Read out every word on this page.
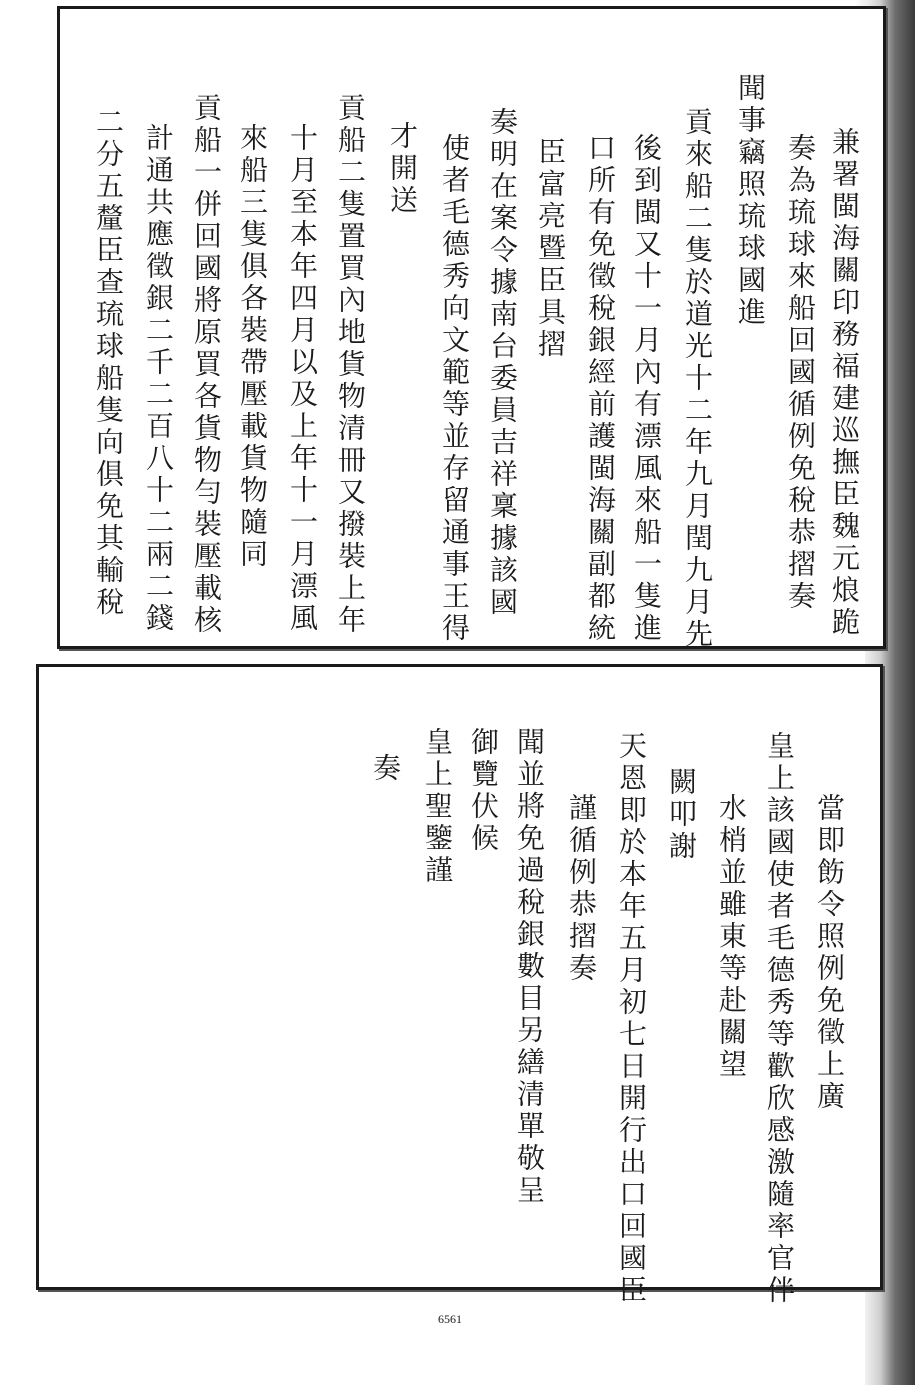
兼署閩海關印務福建巡撫臣魏元烺跪
奏為琉球來船回國循例免稅恭摺奏
聞事竊照琉球國進
貢來船二隻於道光十二年九月閏九月先
後到閩又十一月內有漂風來船一隻進
口所有免徵稅銀經前護閩海關副都統
臣富亮暨臣具摺
奏明在案令據南台委員吉祥稟據該國
使者毛德秀向文範等並存留通事王得
才開送
貢船二隻置買內地貨物清冊又撥裝上年
十月至本年四月以及上年十一月漂風
來船三隻俱各裝帶壓載貨物隨同
貢船一併回國將原買各貨物勻裝壓載核
計通共應徵銀二千二百八十二兩二錢
二分五釐臣查琉球船隻向俱免其輸稅
當即飭令照例免徵上廣
皇上該國使者毛德秀等歡欣感激隨率官伴
水梢並雖東等赴關望
闕叩謝
天恩即於本年五月初七日開行出口回國臣
謹循例恭摺奏
聞並將免過稅銀數目另繕清單敬呈
御覽伏候
皇上聖鑒謹
奏
6561
